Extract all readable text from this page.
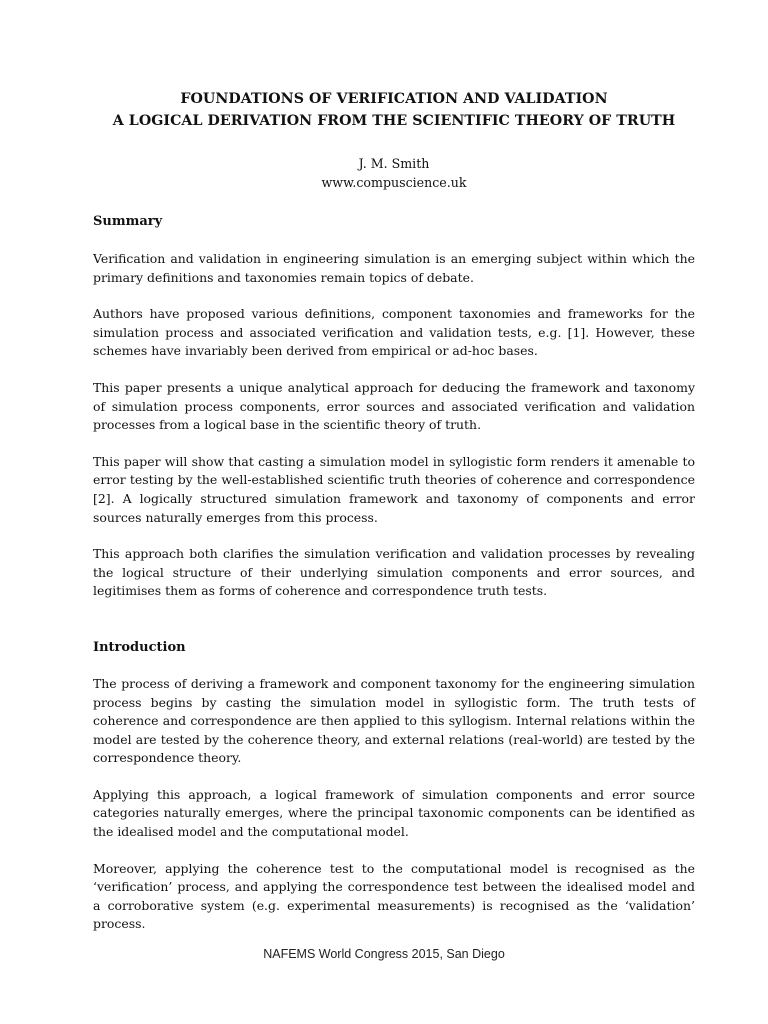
FOUNDATIONS OF VERIFICATION AND VALIDATION
A LOGICAL DERIVATION FROM THE SCIENTIFIC THEORY OF TRUTH
J. M. Smith
www.compuscience.uk
Summary

Verification and validation in engineering simulation is an emerging subject within which the primary definitions and taxonomies remain topics of debate.

Authors have proposed various definitions, component taxonomies and frameworks for the simulation process and associated verification and validation tests, e.g. [1]. However, these schemes have invariably been derived from empirical or ad-hoc bases.

This paper presents a unique analytical approach for deducing the framework and taxonomy of simulation process components, error sources and associated verification and validation processes from a logical base in the scientific theory of truth.

This paper will show that casting a simulation model in syllogistic form renders it amenable to error testing by the well-established scientific truth theories of coherence and correspondence [2]. A logically structured simulation framework and taxonomy of components and error sources naturally emerges from this process.

This approach both clarifies the simulation verification and validation processes by revealing the logical structure of their underlying simulation components and error sources, and legitimises them as forms of coherence and correspondence truth tests.

Introduction

The process of deriving a framework and component taxonomy for the engineering simulation process begins by casting the simulation model in syllogistic form. The truth tests of coherence and correspondence are then applied to this syllogism. Internal relations within the model are tested by the coherence theory, and external relations (real-world) are tested by the correspondence theory.

Applying this approach, a logical framework of simulation components and error source categories naturally emerges, where the principal taxonomic components can be identified as the idealised model and the computational model.

Moreover, applying the coherence test to the computational model is recognised as the ‘verification’ process, and applying the correspondence test between the idealised model and a corroborative system (e.g. experimental measurements) is recognised as the ‘validation’ process.

NAFEMS World Congress 2015, San Diego
